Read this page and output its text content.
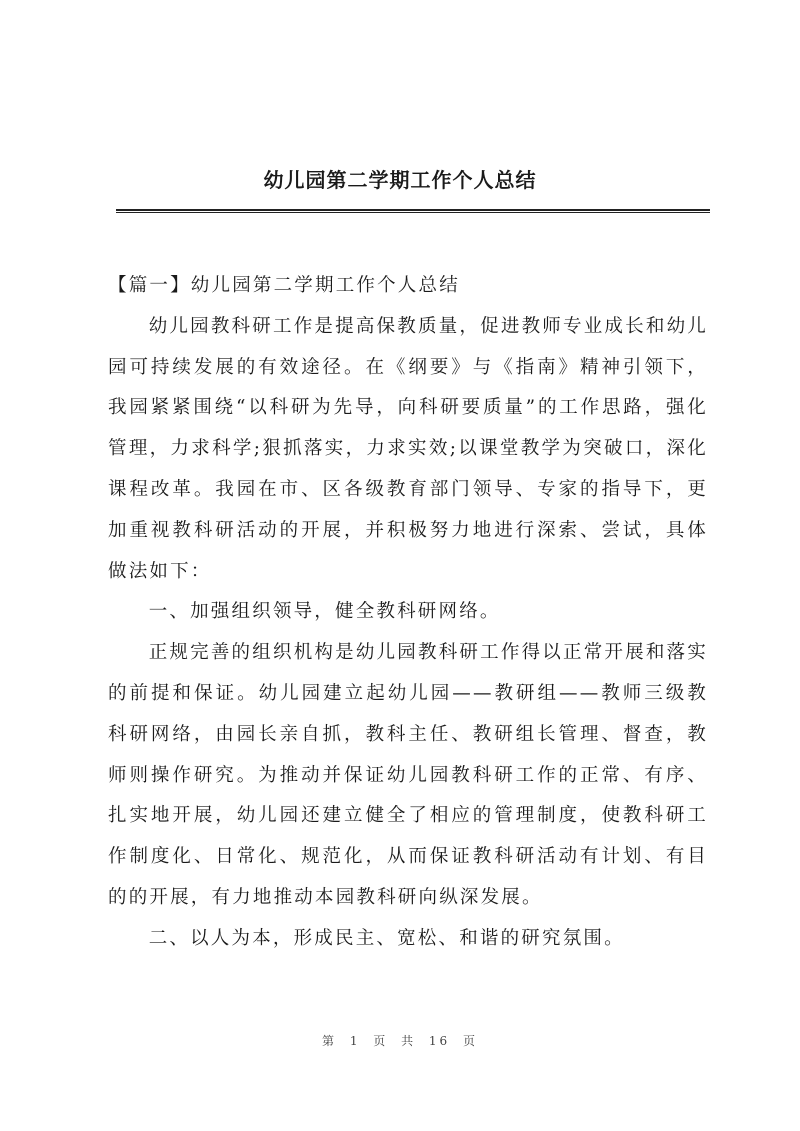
幼儿园第二学期工作个人总结

【篇一】幼儿园第二学期工作个人总结

幼儿园教科研工作是提高保教质量，促进教师专业成长和幼儿园可持续发展的有效途径。在《纲要》与《指南》精神引领下，我园紧紧围绕“以科研为先导，向科研要质量”的工作思路，强化管理，力求科学;狠抓落实，力求实效;以课堂教学为突破口，深化课程改革。我园在市、区各级教育部门领导、专家的指导下，更加重视教科研活动的开展，并积极努力地进行深索、尝试，具体做法如下：

一、加强组织领导，健全教科研网络。

正规完善的组织机构是幼儿园教科研工作得以正常开展和落实的前提和保证。幼儿园建立起幼儿园——教研组——教师三级教科研网络，由园长亲自抓，教科主任、教研组长管理、督查，教师则操作研究。为推动并保证幼儿园教科研工作的正常、有序、扎实地开展，幼儿园还建立健全了相应的管理制度，使教科研工作制度化、日常化、规范化，从而保证教科研活动有计划、有目的的开展，有力地推动本园教科研向纵深发展。

二、以人为本，形成民主、宽松、和谐的研究氛围。

第 1 页 共 16 页
